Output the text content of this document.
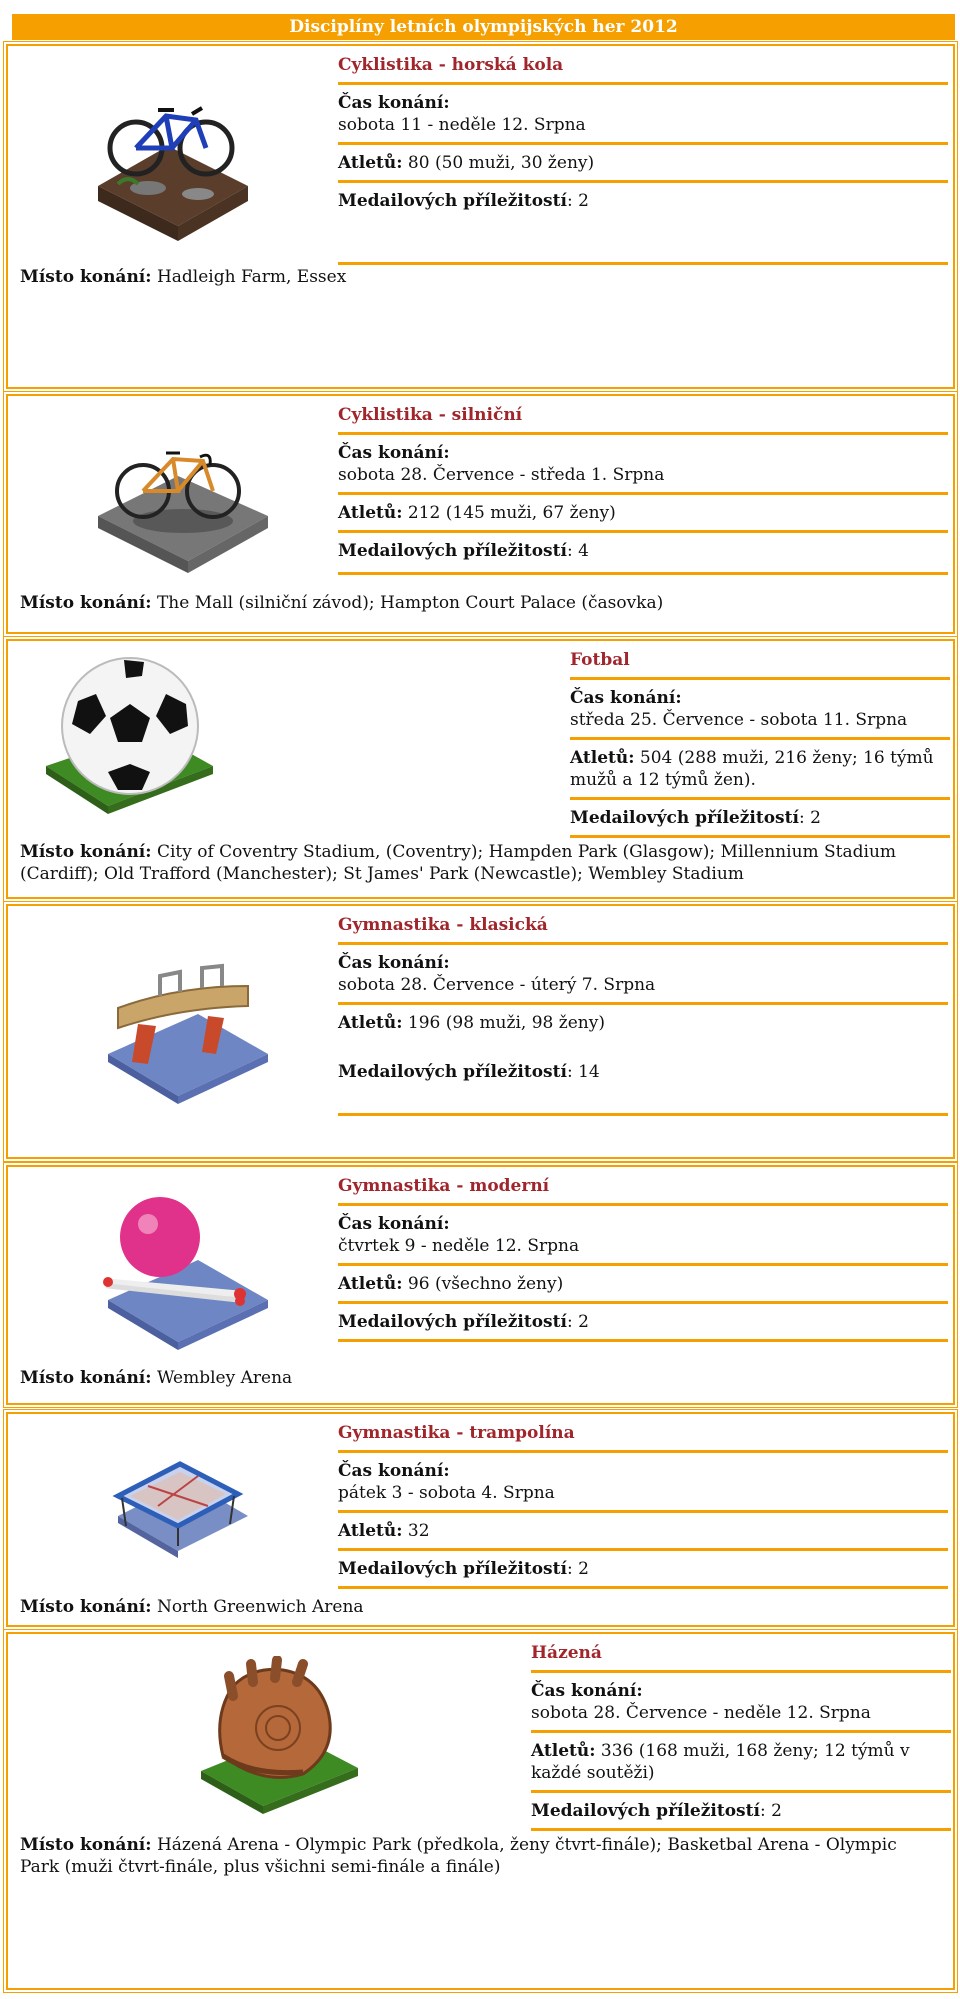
Disciplíny letních olympijských her 2012
Cyklistika - horská kola
Čas konání:
sobota 11 - neděle 12. Srpna
Atletů: 80 (50 muži, 30 ženy)
Medailových příležitostí: 2
Místo konání: Hadleigh Farm, Essex
Cyklistika - silniční
Čas konání:
sobota 28. Července - středa 1. Srpna
Atletů: 212 (145 muži, 67 ženy)
Medailových příležitostí: 4
Místo konání: The Mall (silniční závod); Hampton Court Palace (časovka)
Fotbal
Čas konání:
středa 25. Července - sobota 11. Srpna
Atletů: 504 (288 muži, 216 ženy; 16 týmů mužů a 12 týmů žen).
Medailových příležitostí: 2
Místo konání: City of Coventry Stadium, (Coventry); Hampden Park (Glasgow); Millennium Stadium (Cardiff); Old Trafford (Manchester); St James' Park (Newcastle); Wembley Stadium
Gymnastika - klasická
Čas konání:
sobota 28. Července - úterý 7. Srpna
Atletů: 196 (98 muži, 98 ženy)
Medailových příležitostí: 14
Gymnastika - moderní
Čas konání:
čtvrtek 9 - neděle 12. Srpna
Atletů: 96 (všechno ženy)
Medailových příležitostí: 2
Místo konání: Wembley Arena
Gymnastika - trampolína
Čas konání:
pátek 3 - sobota 4. Srpna
Atletů: 32
Medailových příležitostí: 2
Místo konání: North Greenwich Arena
Házená
Čas konání:
sobota 28. Července - neděle 12. Srpna
Atletů: 336 (168 muži, 168 ženy; 12 týmů v každé soutěži)
Medailových příležitostí: 2
Místo konání: Házená Arena - Olympic Park (předkola, ženy čtvrt-finále); Basketbal Arena - Olympic Park (muži čtvrt-finále, plus všichni semi-finále a finále)
